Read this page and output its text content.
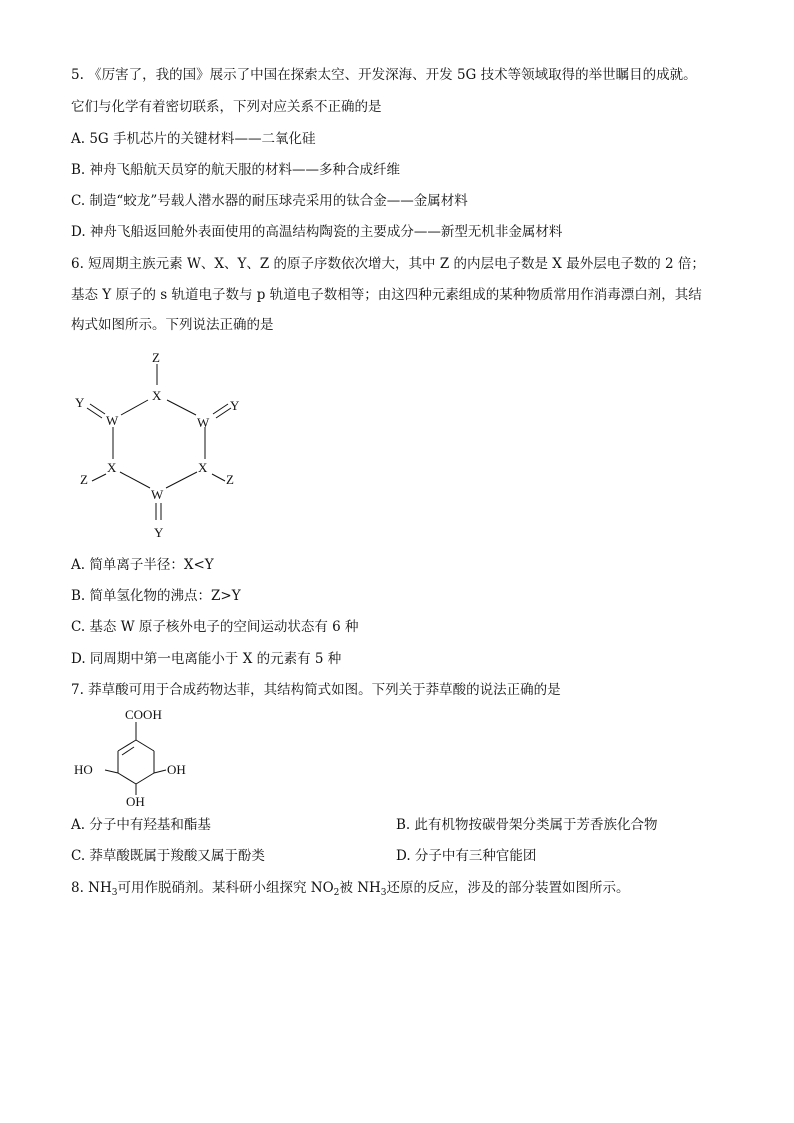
5. 《厉害了，我的国》展示了中国在探索太空、开发深海、开发 5G 技术等领域取得的举世瞩目的成就。
它们与化学有着密切联系，下列对应关系不正确的是
A. 5G 手机芯片的关键材料——二氧化硅
B. 神舟飞船航天员穿的航天服的材料——多种合成纤维
C. 制造“蛟龙”号载人潜水器的耐压球壳采用的钛合金——金属材料
D. 神舟飞船返回舱外表面使用的高温结构陶瓷的主要成分——新型无机非金属材料
6. 短周期主族元素 W、X、Y、Z 的原子序数依次增大，其中 Z 的内层电子数是 X 最外层电子数的 2 倍；
基态 Y 原子的 s 轨道电子数与 p 轨道电子数相等；由这四种元素组成的某种物质常用作消毒漂白剂，其结
构式如图所示。下列说法正确的是
Z
X
Y
W	W
Y
X	X
Z	Z
W
Y
A. 简单离子半径：X<Y
B. 简单氢化物的沸点：Z>Y
C. 基态 W 原子核外电子的空间运动状态有 6 种
D. 同周期中第一电离能小于 X 的元素有 5 种
7. 莽草酸可用于合成药物达菲，其结构简式如图。下列关于莽草酸的说法正确的是
COOH
HO	OH
OH
A. 分子中有羟基和酯基	B. 此有机物按碳骨架分类属于芳香族化合物
C. 莽草酸既属于羧酸又属于酚类	D. 分子中有三种官能团
8. $NH_3$可用作脱硝剂。某科研小组探究 $NO_2$被 $NH_3$还原的反应，涉及的部分装置如图所示。
